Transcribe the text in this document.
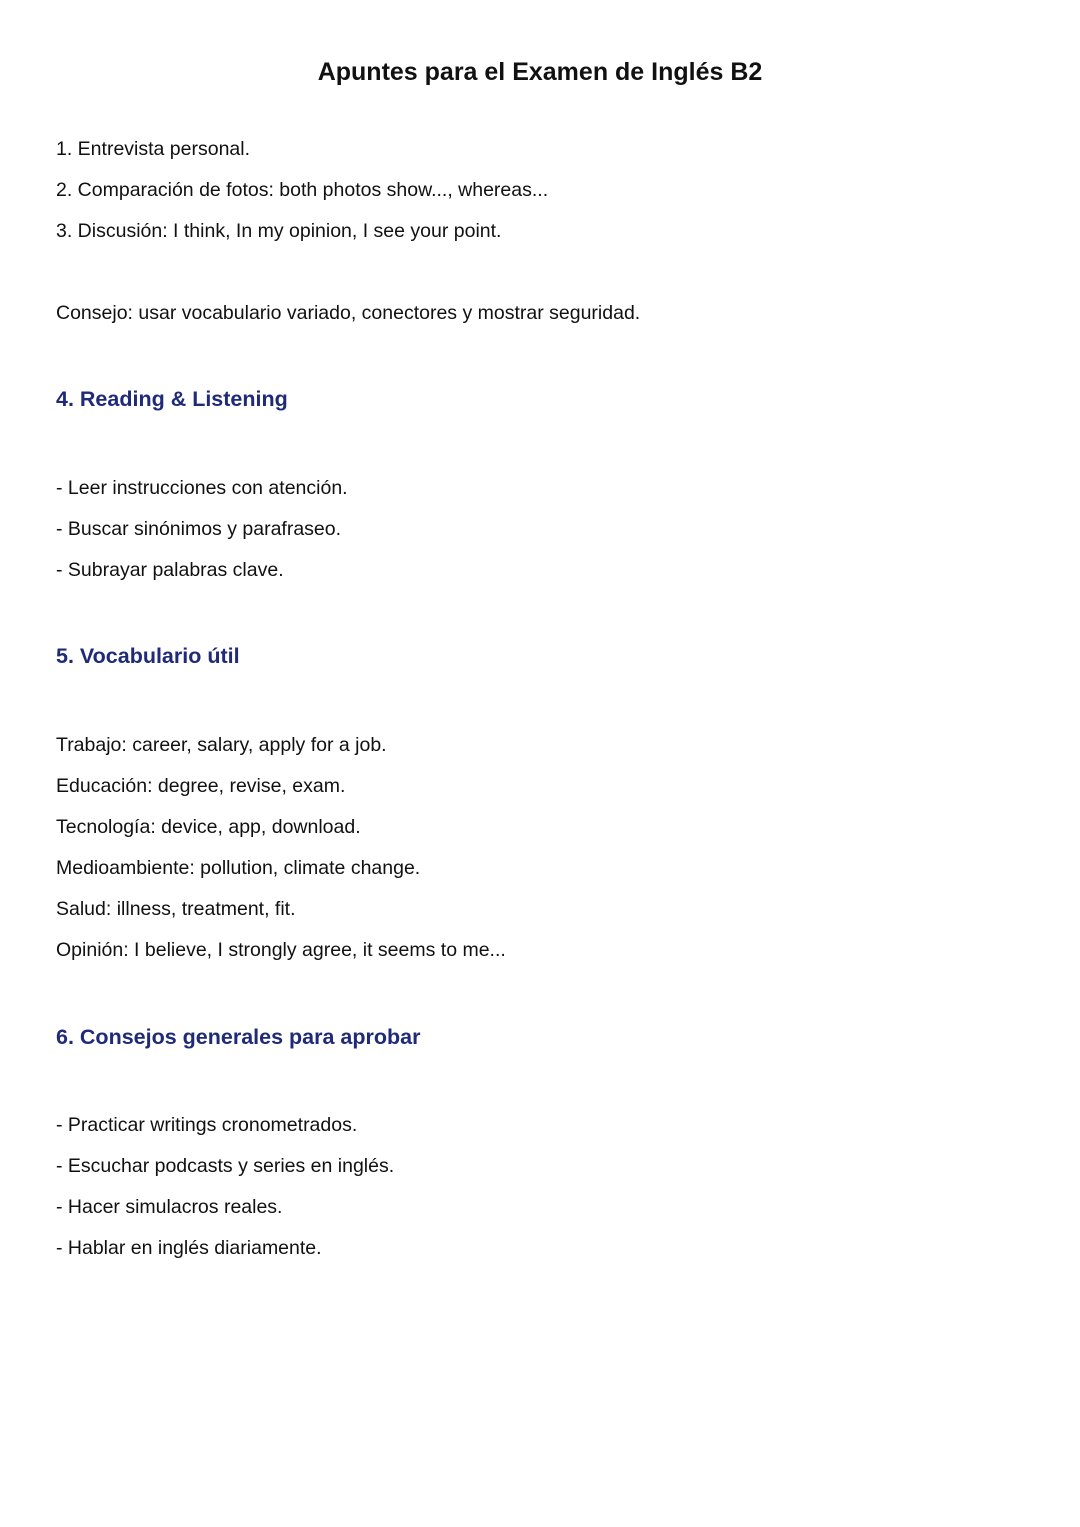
Apuntes para el Examen de Inglés B2

1. Entrevista personal.

2. Comparación de fotos: both photos show..., whereas...

3. Discusión: I think, In my opinion, I see your point.

Consejo: usar vocabulario variado, conectores y mostrar seguridad.

4. Reading & Listening

- Leer instrucciones con atención.

- Buscar sinónimos y parafraseo.

- Subrayar palabras clave.

5. Vocabulario útil

Trabajo: career, salary, apply for a job.

Educación: degree, revise, exam.

Tecnología: device, app, download.

Medioambiente: pollution, climate change.

Salud: illness, treatment, fit.

Opinión: I believe, I strongly agree, it seems to me...

6. Consejos generales para aprobar

- Practicar writings cronometrados.

- Escuchar podcasts y series en inglés.

- Hacer simulacros reales.

- Hablar en inglés diariamente.
